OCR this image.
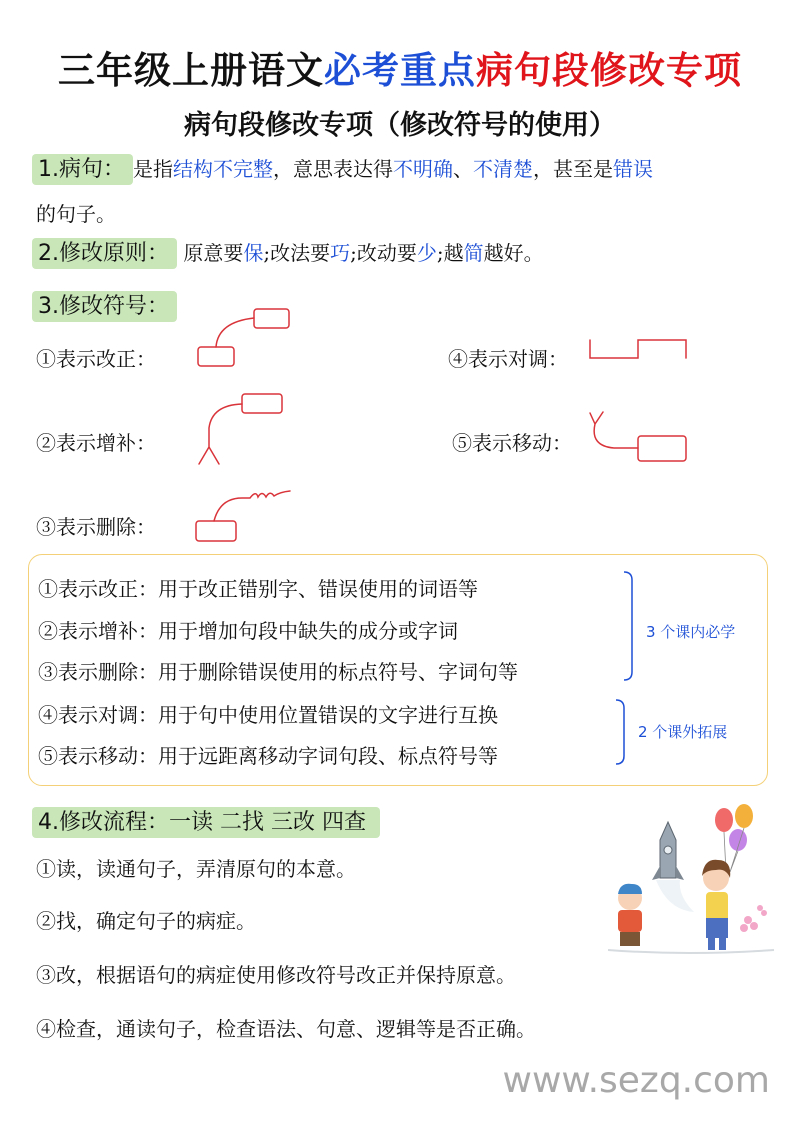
三年级上册语文必考重点病句段修改专项
病句段修改专项（修改符号的使用）
1.病句： 是指结构不完整，意思表达得不明确、不清楚，甚至是错误
的句子。
2.修改原则： 原意要保;改法要巧;改动要少;越简越好。
3.修改符号：
①表示改正：
②表示增补：
③表示删除：
④表示对调：
⑤表示移动：
①表示改正：用于改正错别字、错误使用的词语等
②表示增补：用于增加句段中缺失的成分或字词
③表示删除：用于删除错误使用的标点符号、字词句等
④表示对调：用于句中使用位置错误的文字进行互换
⑤表示移动：用于远距离移动字词句段、标点符号等
3 个课内必学
2 个课外拓展
4.修改流程：一读 二找 三改 四查
①读，读通句子，弄清原句的本意。
②找，确定句子的病症。
③改，根据语句的病症使用修改符号改正并保持原意。
④检查，通读句子，检查语法、句意、逻辑等是否正确。
www.sezq.com
